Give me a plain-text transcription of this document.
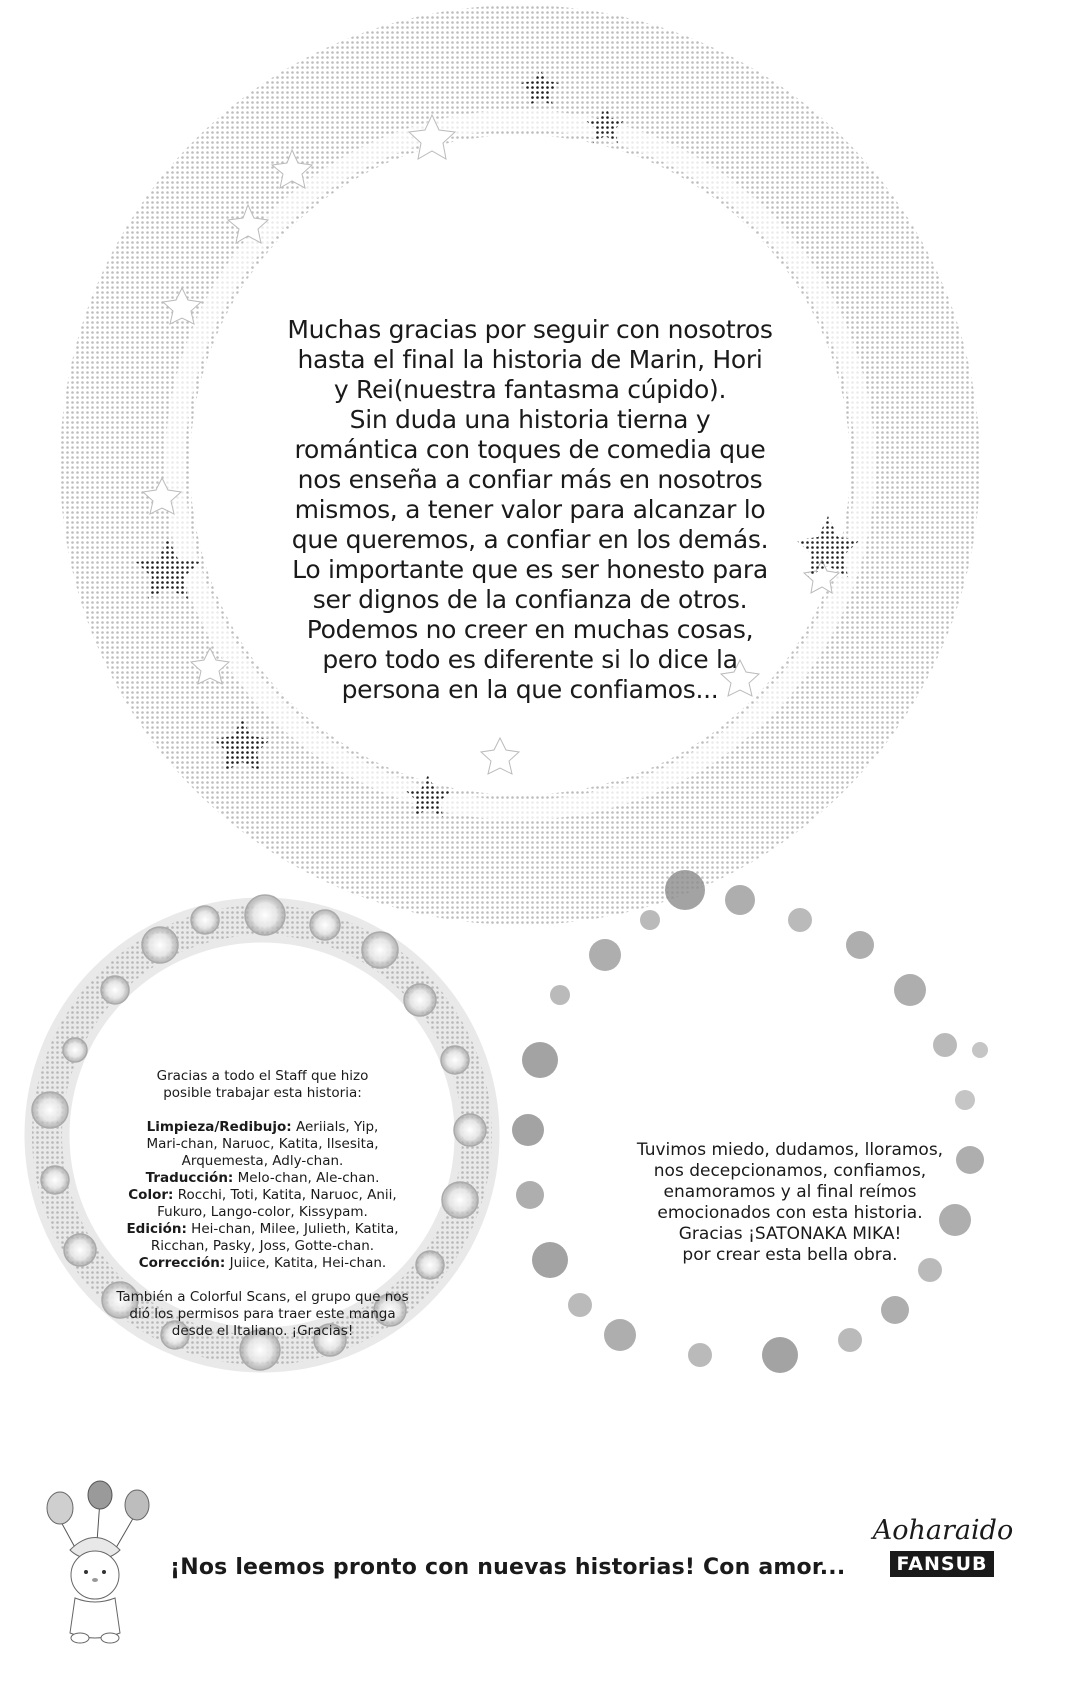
Muchas gracias por seguir con nosotros
hasta el final la historia de Marin, Hori
y Rei(nuestra fantasma cúpido).
Sin duda una historia tierna y
romántica con toques de comedia que
nos enseña a confiar más en nosotros
mismos, a tener valor para alcanzar lo
que queremos, a confiar en los demás.
Lo importante que es ser honesto para
ser dignos de la confianza de otros.
Podemos no creer en muchas cosas,
pero todo es diferente si lo dice la
persona en la que confiamos...

Gracias a todo el Staff que hizo

posible trabajar esta historia:

Limpieza/Redibujo: Aeriials, Yip,

Mari-chan, Naruoc, Katita, Ilsesita,

Arquemesta, Adly-chan.

Traducción: Melo-chan, Ale-chan.

Color: Rocchi, Toti, Katita, Naruoc, Anii,

Fukuro, Lango-color, Kissypam.

Edición: Hei-chan, Milee, Julieth, Katita,

Ricchan, Pasky, Joss, Gotte-chan.

Corrección: Juiice, Katita, Hei-chan.

También a Colorful Scans, el grupo que nos

dió los permisos para traer este manga

desde el Italiano. ¡Gracias!

Tuvimos miedo, dudamos, lloramos,
nos decepcionamos, confiamos,
enamoramos y al final reímos
emocionados con esta historia.
Gracias ¡SATONAKA MIKA!
por crear esta bella obra.
¡Nos leemos pronto con nuevas historias! Con amor...
Aoharaido
FANSUB
